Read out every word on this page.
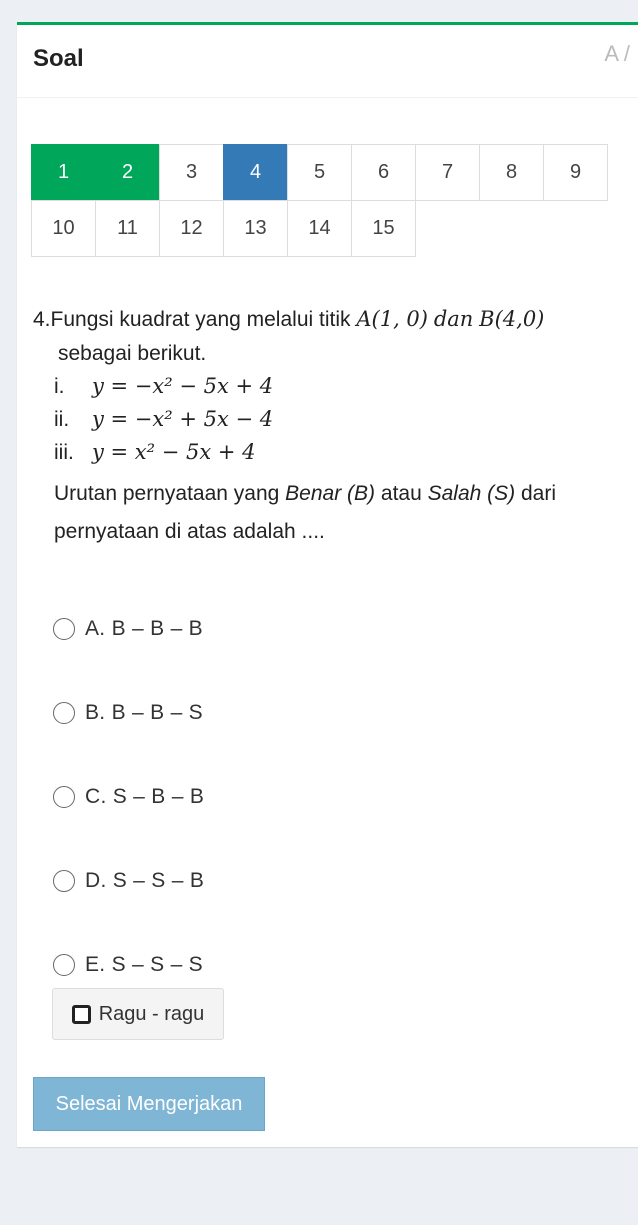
Soal	A /
1	2	3	4	5	6	7	8	9
10	11	12	13	14	15
4. Fungsi kuadrat yang melalui titik
A(1, 0)
dan
B(4,0)
sebagai berikut.
i.	y = −x² − 5x + 4
ii.	y = −x² + 5x − 4
iii. y = x² − 5x + 4
Urutan pernyataan yang Benar (B) atau Salah (S) dari pernyataan di atas adalah ....
A. B – B – B
B. B – B – S
C. S – B – B
D. S – S – B
E. S – S – S
Ragu - ragu
Selesai Mengerjakan
